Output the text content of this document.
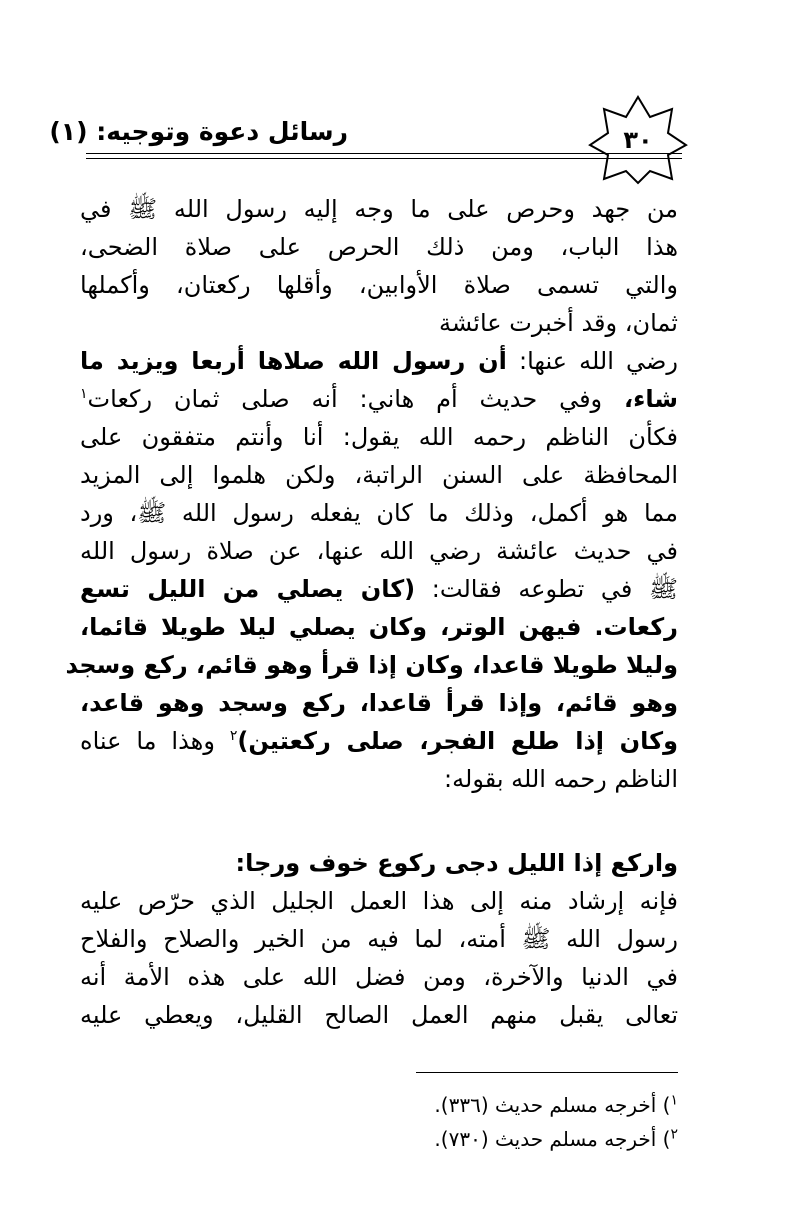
رسائل دعوة وتوجيه: (١)	٣٠
من جهد وحرص على ما وجه إليه رسول الله ﷺ في
هذا الباب، ومن ذلك الحرص على صلاة الضحى،
والتي تسمى صلاة الأوابين، وأقلها ركعتان، وأكملها
ثمان، وقد أخبرت عائشة
رضي الله عنها: أن رسول الله صلاها أربعا ويزيد ما
شاء، وفي حديث أم هاني: أنه صلى ثمان ركعات$^١$
فكأن الناظم رحمه الله يقول: أنا وأنتم متفقون على
المحافظة على السنن الراتبة، ولكن هلموا إلى المزيد
مما هو أكمل، وذلك ما كان يفعله رسول الله ﷺ، ورد
في حديث عائشة رضي الله عنها، عن صلاة رسول الله
ﷺ في تطوعه فقالت: (كان يصلي من الليل تسع
ركعات. فيهن الوتر، وكان يصلي ليلا طويلا قائما،
وليلا طويلا قاعدا، وكان إذا قرأ وهو قائم، ركع وسجد
وهو قائم، وإذا قرأ قاعدا، ركع وسجد وهو قاعد،
وكان إذا طلع الفجر، صلى ركعتين)$^٢$ وهذا ما عناه
الناظم رحمه الله بقوله:
واركع إذا الليل دجى ركوع خوف ورجا:
فإنه إرشاد منه إلى هذا العمل الجليل الذي حرّص عليه
رسول الله ﷺ أمته، لما فيه من الخير والصلاح والفلاح
في الدنيا والآخرة، ومن فضل الله على هذه الأمة أنه
تعالى يقبل منهم العمل الصالح القليل، ويعطي عليه
$^١$) أخرجه مسلم حديث (٣٣٦).
$^٢$) أخرجه مسلم حديث (٧٣٠).
